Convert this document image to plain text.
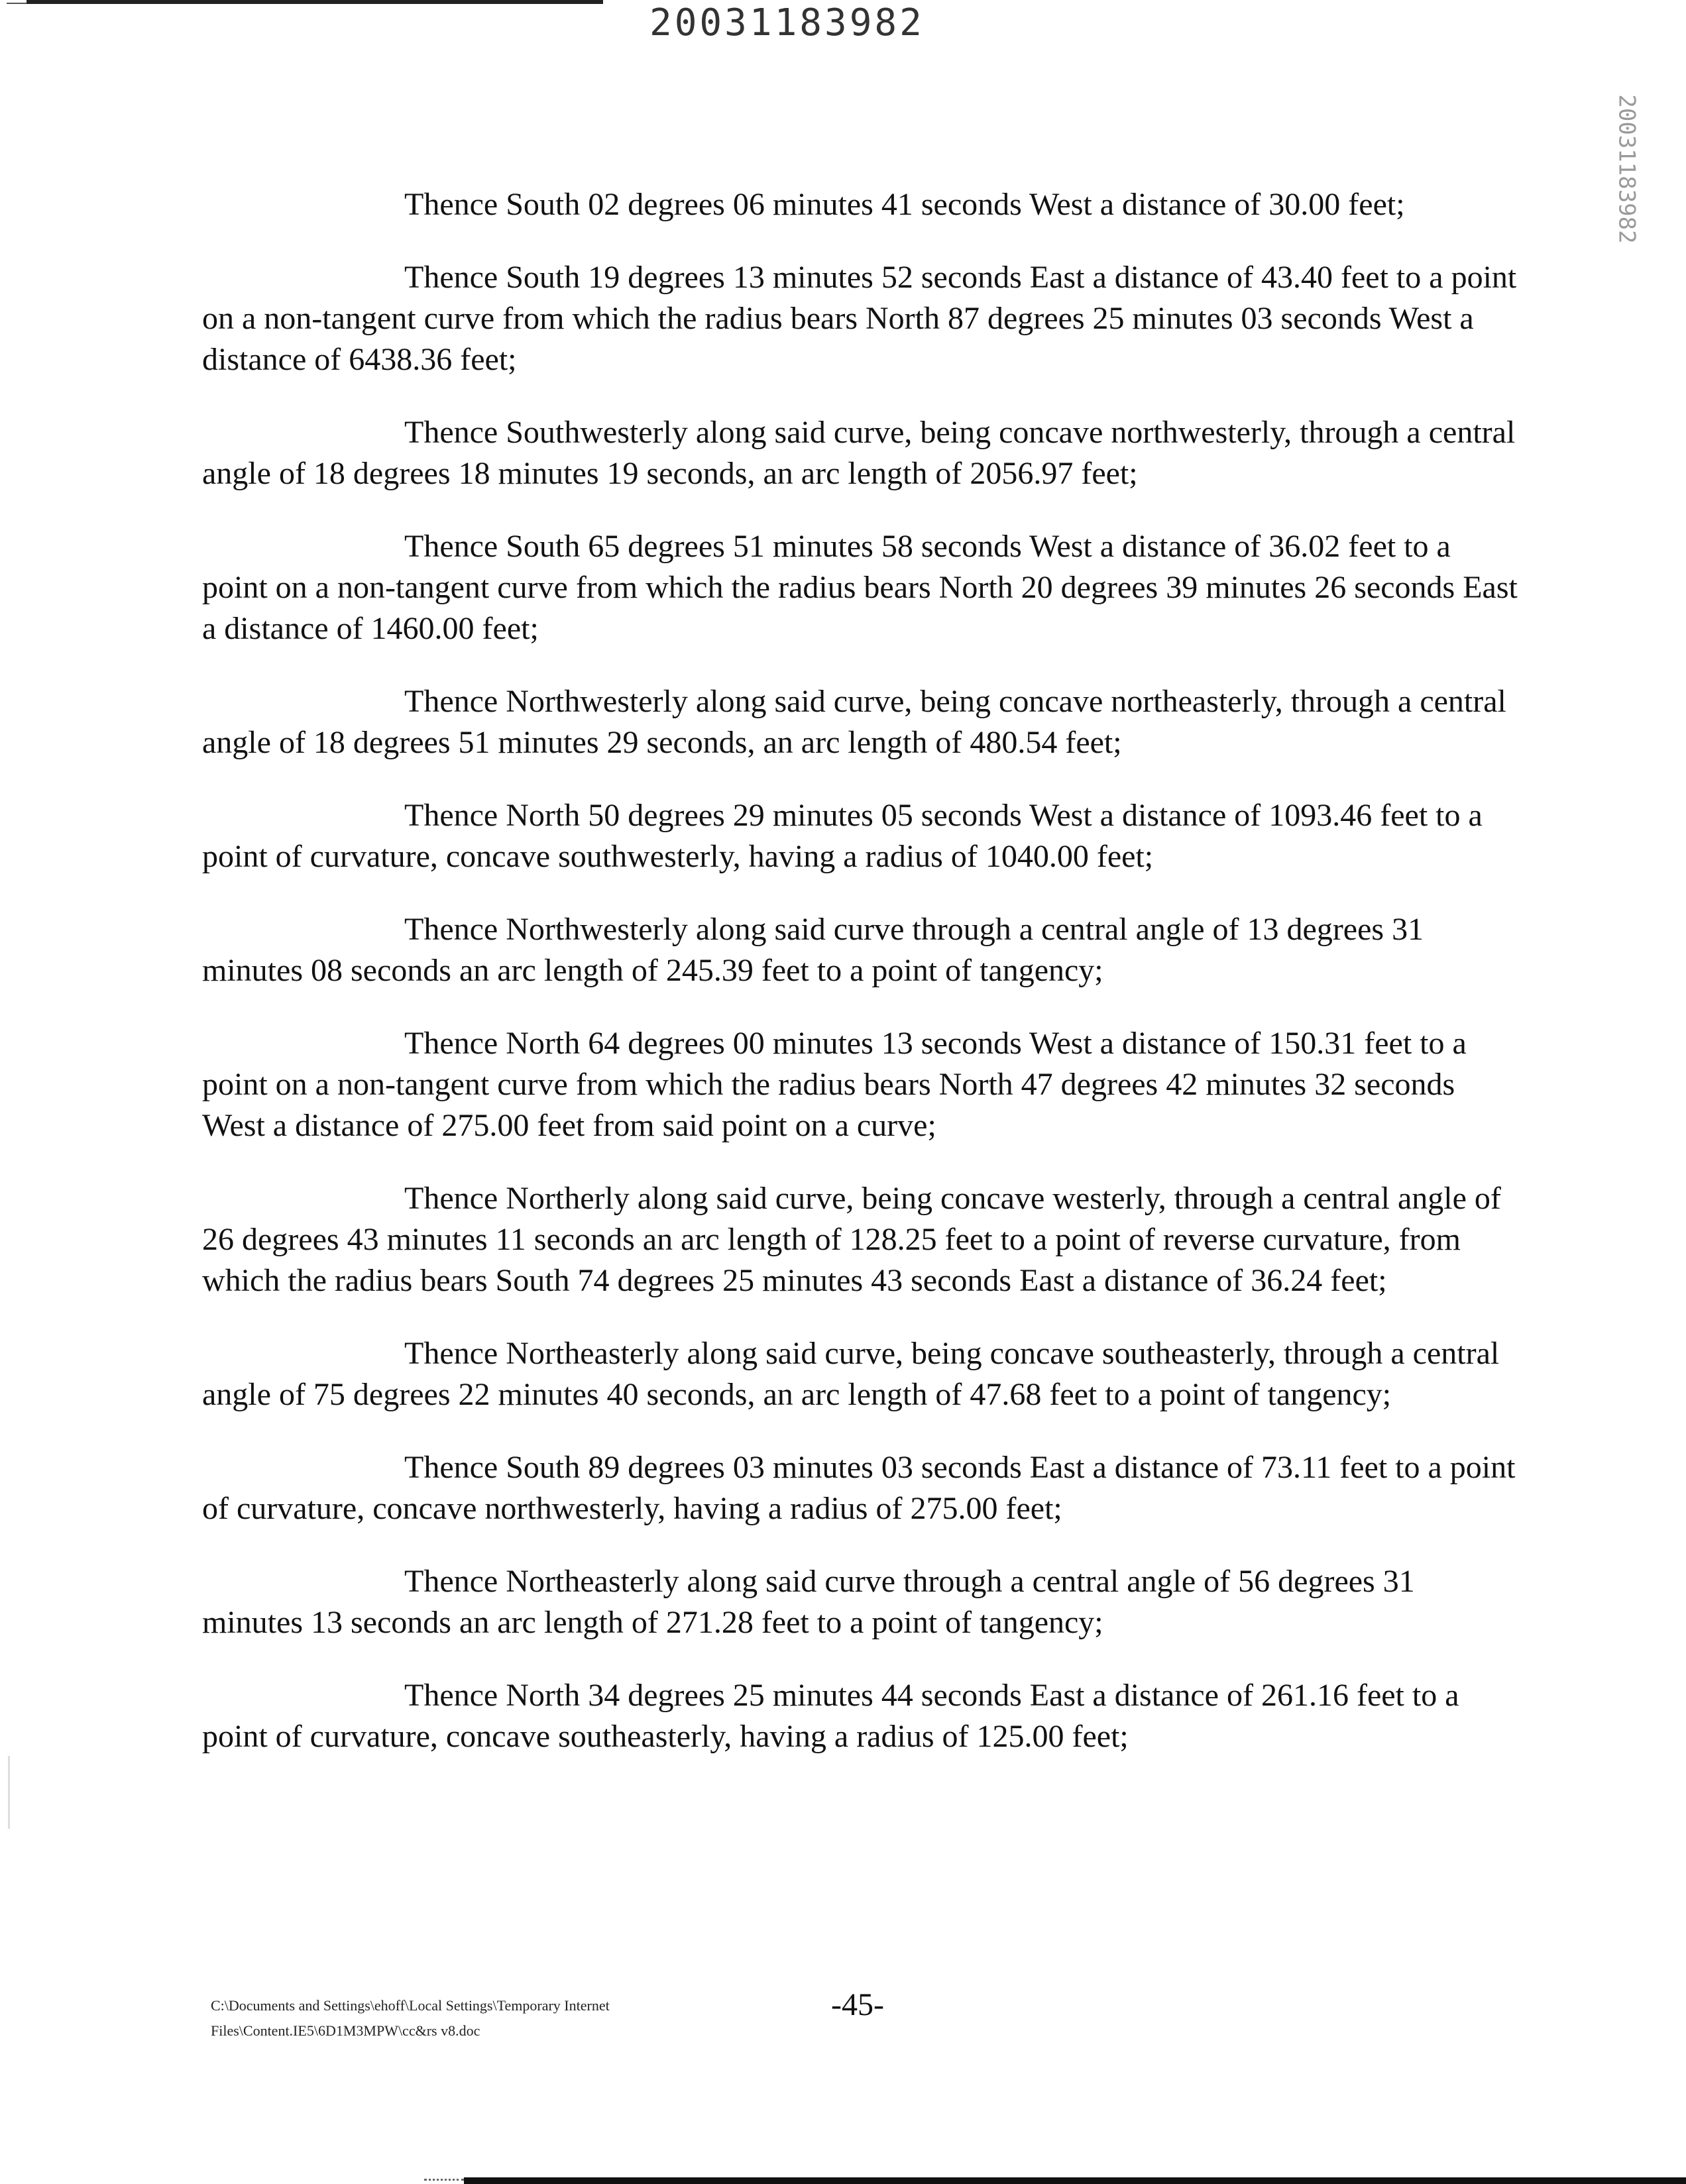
20031183982
20031183982

Thence South 02 degrees 06 minutes 41 seconds West a distance of 30.00 feet;

Thence South 19 degrees 13 minutes 52 seconds East a distance of 43.40 feet to a point on a non-tangent curve from which the radius bears North 87 degrees 25 minutes 03 seconds West a distance of 6438.36 feet;

Thence Southwesterly along said curve, being concave northwesterly, through a central angle of 18 degrees 18 minutes 19 seconds, an arc length of 2056.97 feet;

Thence South 65 degrees 51 minutes 58 seconds West a distance of 36.02 feet to a point on a non-tangent curve from which the radius bears North 20 degrees 39 minutes 26 seconds East a distance of 1460.00 feet;

Thence Northwesterly along said curve, being concave northeasterly, through a central angle of 18 degrees 51 minutes 29 seconds, an arc length of 480.54 feet;

Thence North 50 degrees 29 minutes 05 seconds West a distance of 1093.46 feet to a point of curvature, concave southwesterly, having a radius of 1040.00 feet;

Thence Northwesterly along said curve through a central angle of 13 degrees 31 minutes 08 seconds an arc length of 245.39 feet to a point of tangency;

Thence North 64 degrees 00 minutes 13 seconds West a distance of 150.31 feet to a point on a non-tangent curve from which the radius bears North 47 degrees 42 minutes 32 seconds West a distance of 275.00 feet from said point on a curve;

Thence Northerly along said curve, being concave westerly, through a central angle of 26 degrees 43 minutes 11 seconds an arc length of 128.25 feet to a point of reverse curvature, from which the radius bears South 74 degrees 25 minutes 43 seconds East a distance of 36.24 feet;

Thence Northeasterly along said curve, being concave southeasterly, through a central angle of 75 degrees 22 minutes 40 seconds, an arc length of 47.68 feet to a point of tangency;

Thence South 89 degrees 03 minutes 03 seconds East a distance of 73.11 feet to a point of curvature, concave northwesterly, having a radius of 275.00 feet;

Thence Northeasterly along said curve through a central angle of 56 degrees 31 minutes 13 seconds an arc length of 271.28 feet to a point of tangency;

Thence North 34 degrees 25 minutes 44 seconds East a distance of 261.16 feet to a point of curvature, concave southeasterly, having a radius of 125.00 feet;

C:\Documents and Settings\ehoff\Local Settings\Temporary Internet
Files\Content.IE5\6D1M3MPW\cc&rs v8.doc
-45-
